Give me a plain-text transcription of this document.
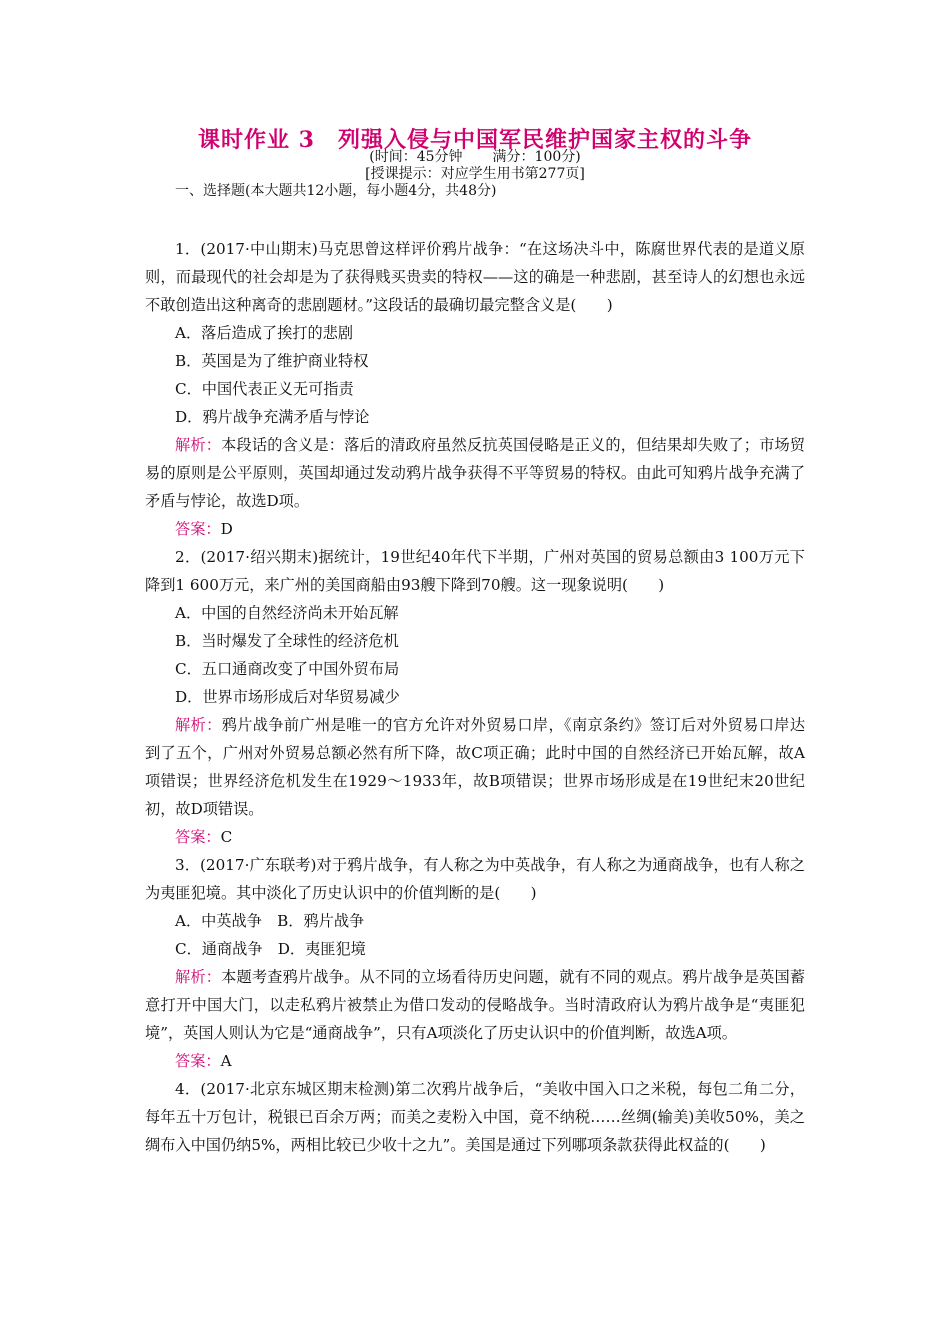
课时作业 3　列强入侵与中国军民维护国家主权的斗争
(时间：45分钟 满分：100分)
[授课提示：对应学生用书第277页]
一、选择题(本大题共12小题，每小题4分，共48分)

1．(2017·中山期末)马克思曾这样评价鸦片战争：“在这场决斗中，陈腐世界代表的是道义原则，而最现代的社会却是为了获得贱买贵卖的特权——这的确是一种悲剧，甚至诗人的幻想也永远不敢创造出这种离奇的悲剧题材。”这段话的最确切最完整含义是(　　)

A．落后造成了挨打的悲剧

B．英国是为了维护商业特权

C．中国代表正义无可指责

D．鸦片战争充满矛盾与悖论

解析：本段话的含义是：落后的清政府虽然反抗英国侵略是正义的，但结果却失败了；市场贸易的原则是公平原则，英国却通过发动鸦片战争获得不平等贸易的特权。由此可知鸦片战争充满了矛盾与悖论，故选D项。

答案：D

2．(2017·绍兴期末)据统计，19世纪40年代下半期，广州对英国的贸易总额由3 100万元下降到1 600万元，来广州的美国商船由93艘下降到70艘。这一现象说明(　　)

A．中国的自然经济尚未开始瓦解

B．当时爆发了全球性的经济危机

C．五口通商改变了中国外贸布局

D．世界市场形成后对华贸易减少

解析：鸦片战争前广州是唯一的官方允许对外贸易口岸，《南京条约》签订后对外贸易口岸达到了五个，广州对外贸易总额必然有所下降，故C项正确；此时中国的自然经济已开始瓦解，故A项错误；世界经济危机发生在1929～1933年，故B项错误；世界市场形成是在19世纪末20世纪初，故D项错误。

答案：C

3．(2017·广东联考)对于鸦片战争，有人称之为中英战争，有人称之为通商战争，也有人称之为夷匪犯境。其中淡化了历史认识中的价值判断的是(　　)

A．中英战争　B．鸦片战争

C．通商战争　D．夷匪犯境

解析：本题考查鸦片战争。从不同的立场看待历史问题，就有不同的观点。鸦片战争是英国蓄意打开中国大门，以走私鸦片被禁止为借口发动的侵略战争。当时清政府认为鸦片战争是“夷匪犯境”，英国人则认为它是“通商战争”，只有A项淡化了历史认识中的价值判断，故选A项。

答案：A

4．(2017·北京东城区期末检测)第二次鸦片战争后，“美收中国入口之米税，每包二角二分，每年五十万包计，税银已百余万两；而美之麦粉入中国，竟不纳税……丝绸(输美)美收50%，美之绸布入中国仍纳5%，两相比较已少收十之九”。美国是通过下列哪项条款获得此权益的(　　)
